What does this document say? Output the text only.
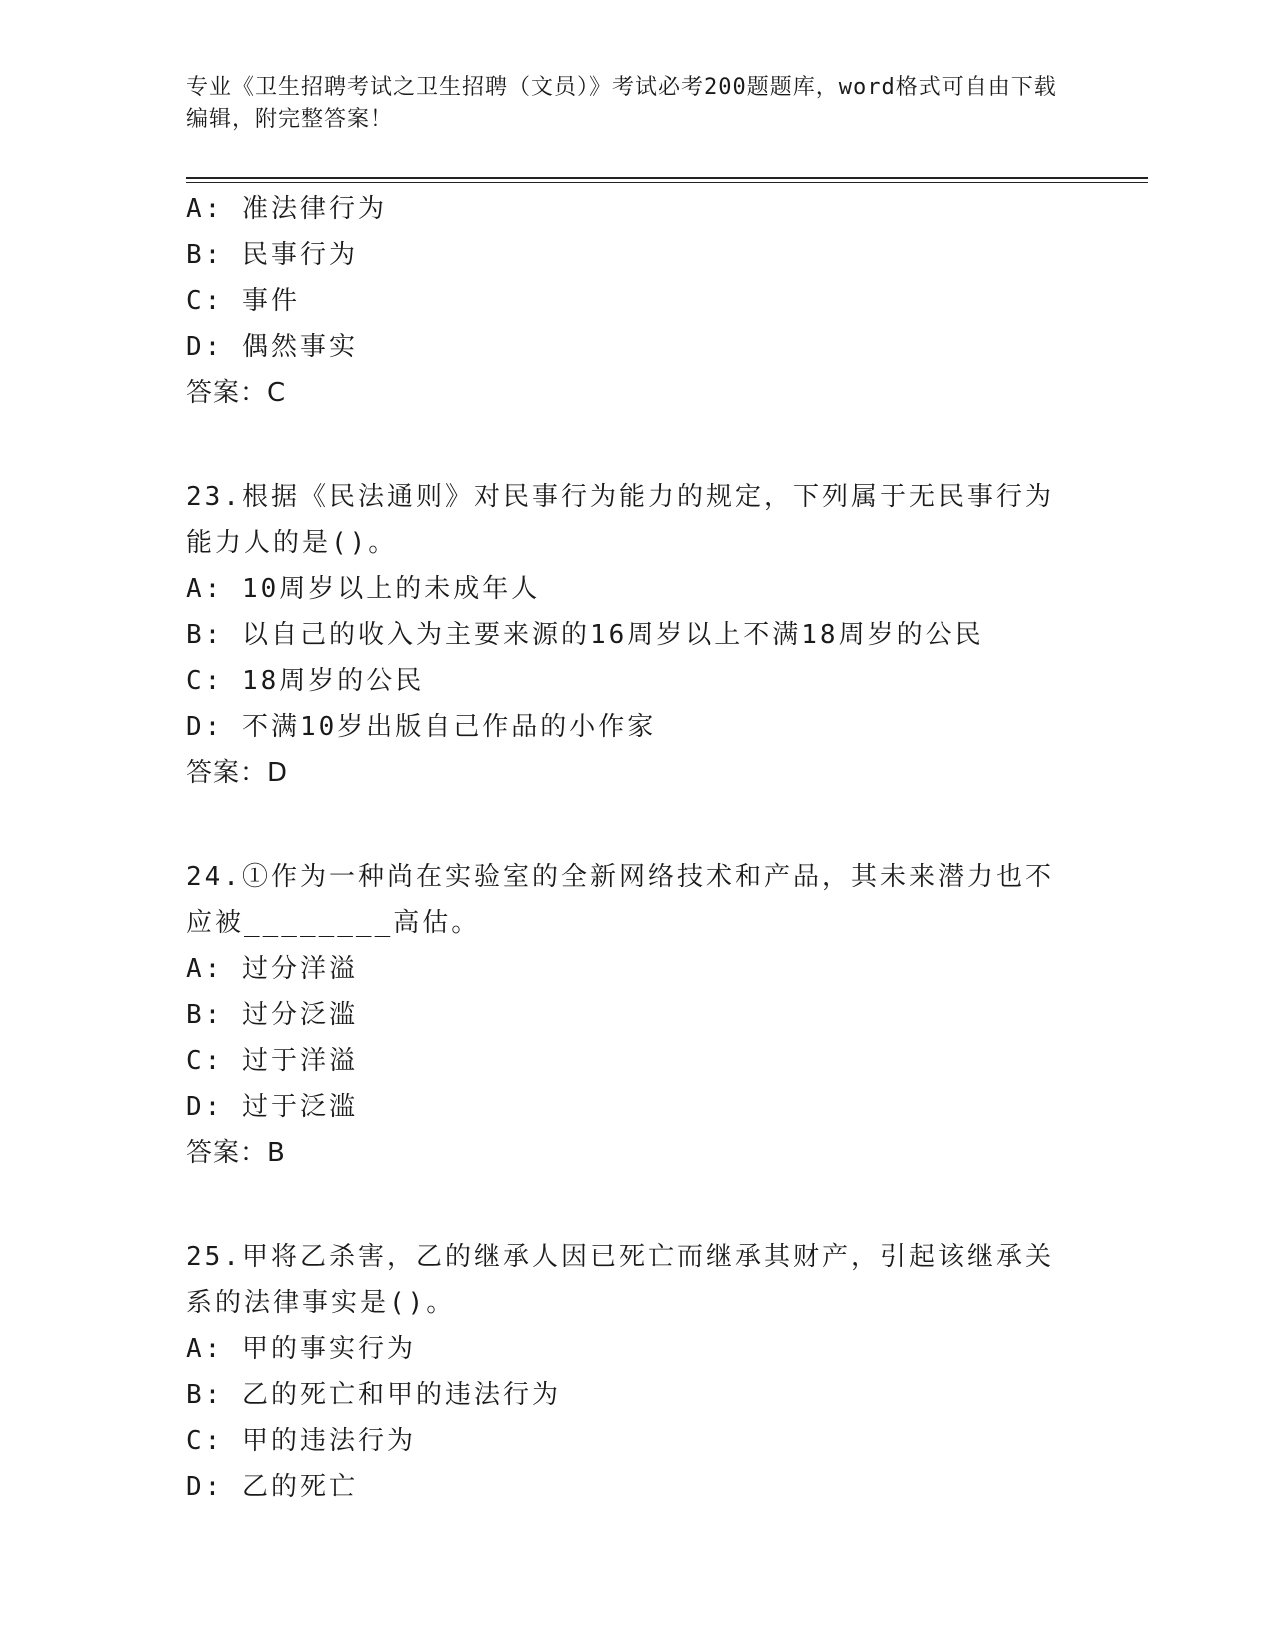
专业《卫生招聘考试之卫生招聘（文员）》考试必考200题题库，word格式可自由下载编辑，附完整答案！
A: 准法律行为
B: 民事行为
C: 事件
D: 偶然事实
答案：C
23.根据《民法通则》对民事行为能力的规定，下列属于无民事行为能力人的是()。
A: 10周岁以上的未成年人
B: 以自己的收入为主要来源的16周岁以上不满18周岁的公民
C: 18周岁的公民
D: 不满10岁出版自己作品的小作家
答案：D
24.①作为一种尚在实验室的全新网络技术和产品，其未来潜力也不应被________高估。
A: 过分洋溢
B: 过分泛滥
C: 过于洋溢
D: 过于泛滥
答案：B
25.甲将乙杀害，乙的继承人因已死亡而继承其财产，引起该继承关系的法律事实是()。
A: 甲的事实行为
B: 乙的死亡和甲的违法行为
C: 甲的违法行为
D: 乙的死亡
